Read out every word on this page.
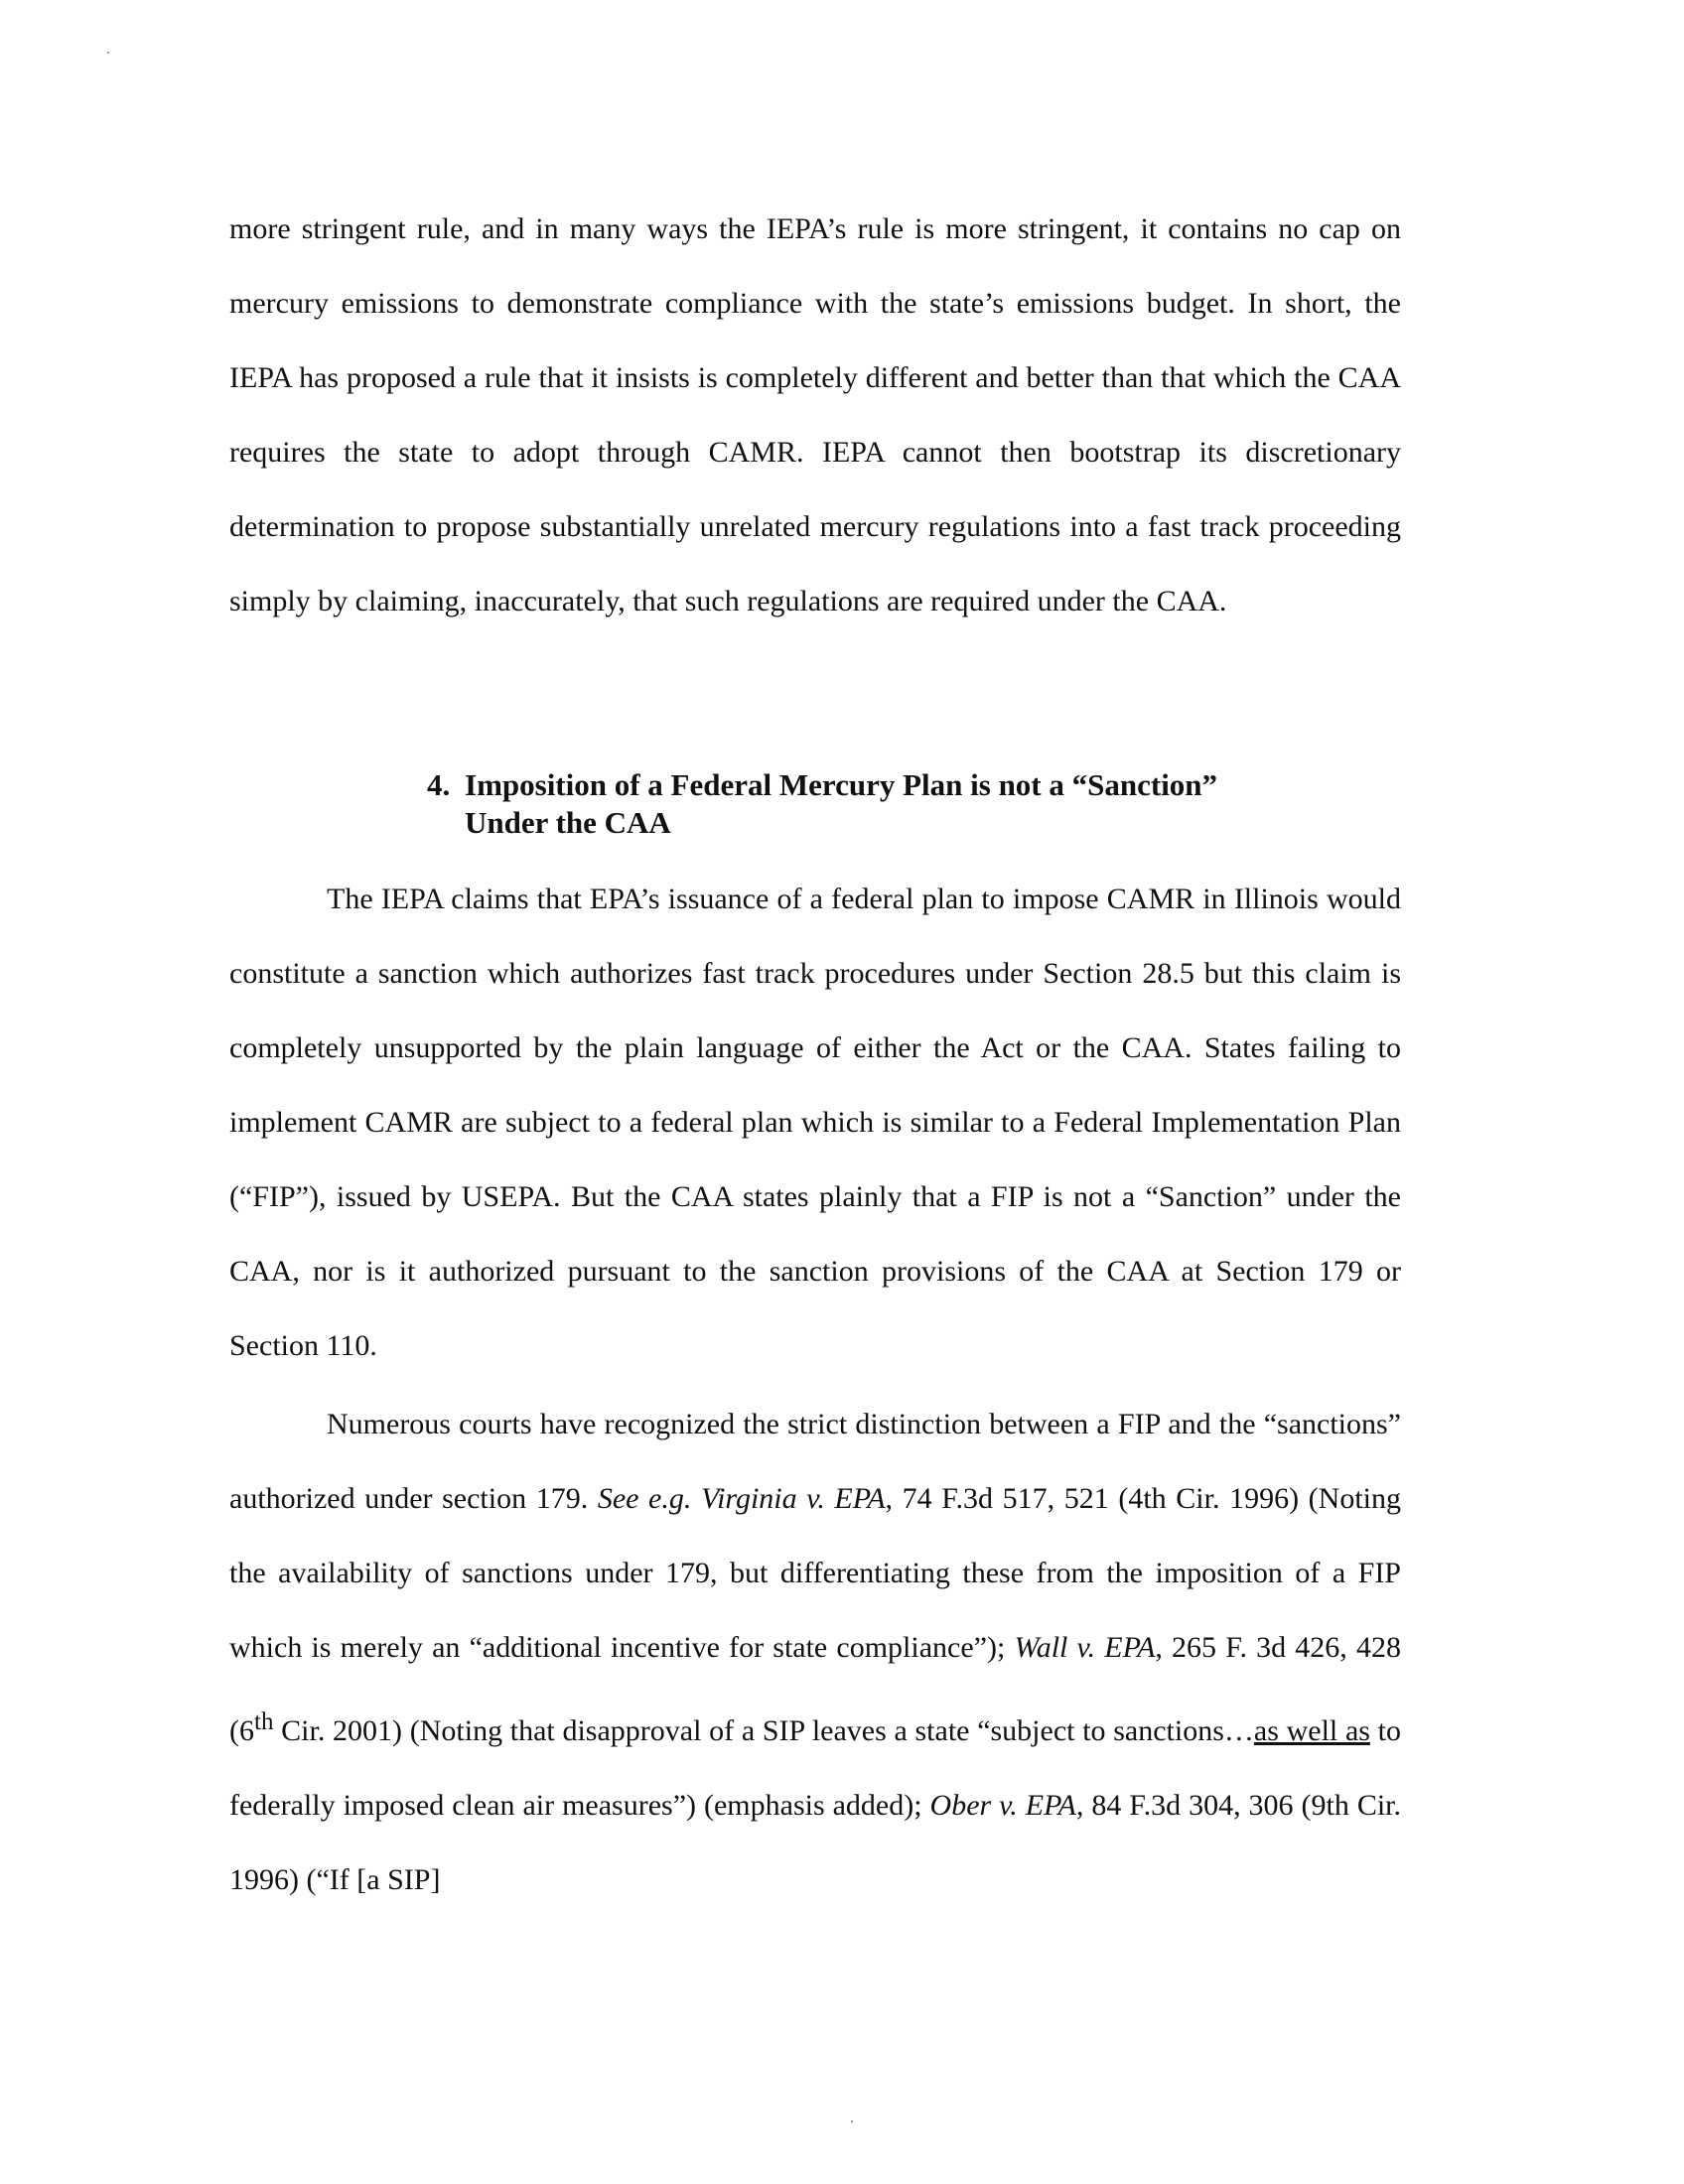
more stringent rule, and in many ways the IEPA’s rule is more stringent, it contains no cap on mercury emissions to demonstrate compliance with the state’s emissions budget. In short, the IEPA has proposed a rule that it insists is completely different and better than that which the CAA requires the state to adopt through CAMR. IEPA cannot then bootstrap its discretionary determination to propose substantially unrelated mercury regulations into a fast track proceeding simply by claiming, inaccurately, that such regulations are required under the CAA.

4. Imposition of a Federal Mercury Plan is not a “Sanction”
Under the CAA

The IEPA claims that EPA’s issuance of a federal plan to impose CAMR in Illinois would constitute a sanction which authorizes fast track procedures under Section 28.5 but this claim is completely unsupported by the plain language of either the Act or the CAA. States failing to implement CAMR are subject to a federal plan which is similar to a Federal Implementation Plan (“FIP”), issued by USEPA. But the CAA states plainly that a FIP is not a “Sanction” under the CAA, nor is it authorized pursuant to the sanction provisions of the CAA at Section 179 or Section 110.

Numerous courts have recognized the strict distinction between a FIP and the “sanctions” authorized under section 179. See e.g. Virginia v. EPA, 74 F.3d 517, 521 (4th Cir. 1996) (Noting the availability of sanctions under 179, but differentiating these from the imposition of a FIP which is merely an “additional incentive for state compliance”); Wall v. EPA, 265 F. 3d 426, 428 (6th Cir. 2001) (Noting that disapproval of a SIP leaves a state “subject to sanctions…as well as to federally imposed clean air measures”) (emphasis added); Ober v. EPA, 84 F.3d 304, 306 (9th Cir. 1996) (“If [a SIP]
